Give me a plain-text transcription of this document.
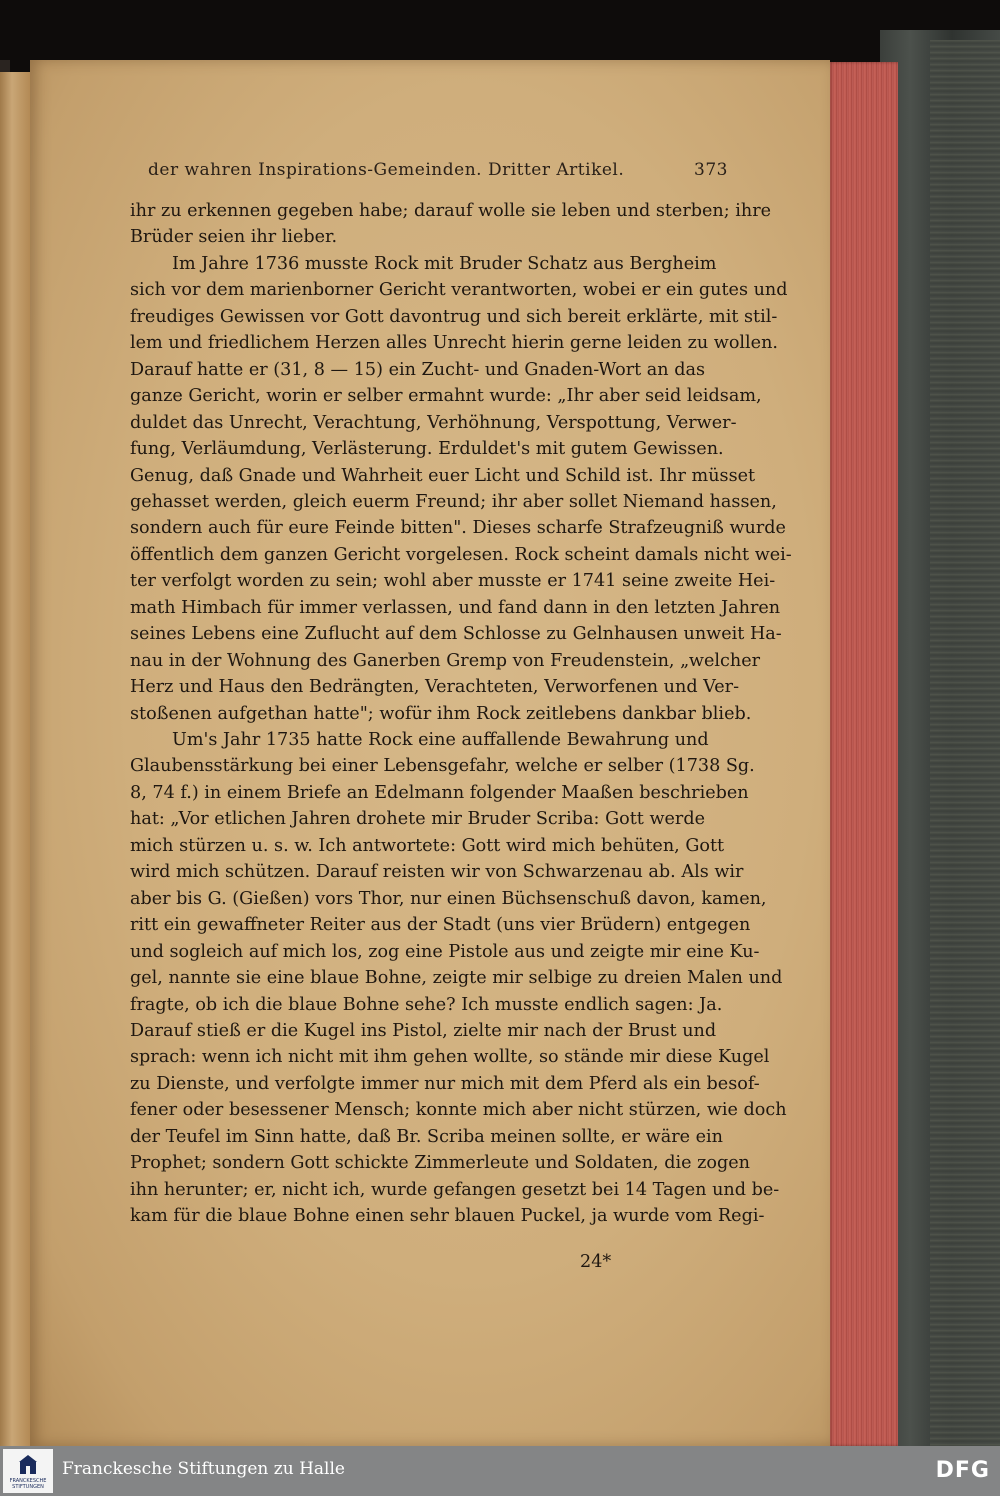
der wahren Inspirations-Gemeinden. Dritter Artikel.	373
ihr zu erkennen gegeben habe; darauf wolle sie leben und sterben; ihre
Brüder seien ihr lieber.
Im Jahre 1736 musste Rock mit Bruder Schatz aus Bergheim
sich vor dem marienborner Gericht verantworten, wobei er ein gutes und
freudiges Gewissen vor Gott davontrug und sich bereit erklärte, mit stil-
lem und friedlichem Herzen alles Unrecht hierin gerne leiden zu wollen.
Darauf hatte er (31, 8 — 15) ein Zucht- und Gnaden-Wort an das
ganze Gericht, worin er selber ermahnt wurde: „Ihr aber seid leidsam,
duldet das Unrecht, Verachtung, Verhöhnung, Verspottung, Verwer-
fung, Verläumdung, Verlästerung. Erduldet's mit gutem Gewissen.
Genug, daß Gnade und Wahrheit euer Licht und Schild ist. Ihr müsset
gehasset werden, gleich euerm Freund; ihr aber sollet Niemand hassen,
sondern auch für eure Feinde bitten". Dieses scharfe Strafzeugniß wurde
öffentlich dem ganzen Gericht vorgelesen. Rock scheint damals nicht wei-
ter verfolgt worden zu sein; wohl aber musste er 1741 seine zweite Hei-
math Himbach für immer verlassen, und fand dann in den letzten Jahren
seines Lebens eine Zuflucht auf dem Schlosse zu Gelnhausen unweit Ha-
nau in der Wohnung des Ganerben Gremp von Freudenstein, „welcher
Herz und Haus den Bedrängten, Verachteten, Verworfenen und Ver-
stoßenen aufgethan hatte"; wofür ihm Rock zeitlebens dankbar blieb.
Um's Jahr 1735 hatte Rock eine auffallende Bewahrung und
Glaubensstärkung bei einer Lebensgefahr, welche er selber (1738 Sg.
8, 74 f.) in einem Briefe an Edelmann folgender Maaßen beschrieben
hat: „Vor etlichen Jahren drohete mir Bruder Scriba: Gott werde
mich stürzen u. s. w. Ich antwortete: Gott wird mich behüten, Gott
wird mich schützen. Darauf reisten wir von Schwarzenau ab. Als wir
aber bis G. (Gießen) vors Thor, nur einen Büchsenschuß davon, kamen,
ritt ein gewaffneter Reiter aus der Stadt (uns vier Brüdern) entgegen
und sogleich auf mich los, zog eine Pistole aus und zeigte mir eine Ku-
gel, nannte sie eine blaue Bohne, zeigte mir selbige zu dreien Malen und
fragte, ob ich die blaue Bohne sehe? Ich musste endlich sagen: Ja.
Darauf stieß er die Kugel ins Pistol, zielte mir nach der Brust und
sprach: wenn ich nicht mit ihm gehen wollte, so stände mir diese Kugel
zu Dienste, und verfolgte immer nur mich mit dem Pferd als ein besof-
fener oder besessener Mensch; konnte mich aber nicht stürzen, wie doch
der Teufel im Sinn hatte, daß Br. Scriba meinen sollte, er wäre ein
Prophet; sondern Gott schickte Zimmerleute und Soldaten, die zogen
ihn herunter; er, nicht ich, wurde gefangen gesetzt bei 14 Tagen und be-
kam für die blaue Bohne einen sehr blauen Puckel, ja wurde vom Regi-
24*
FRANCKESCHE
STIFTUNGEN
Franckesche Stiftungen zu Halle	DFG
